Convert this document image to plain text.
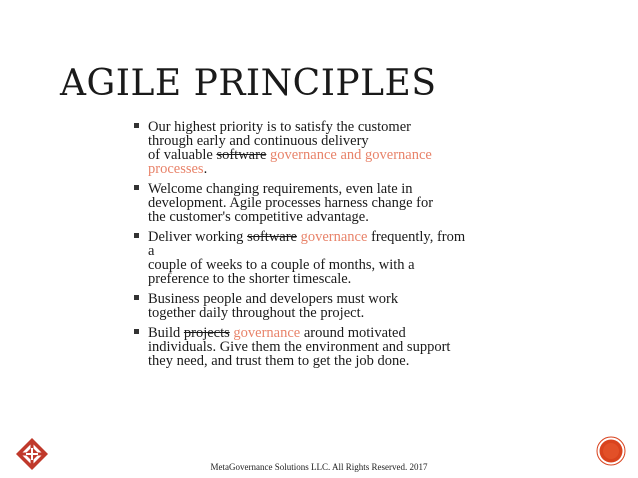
AGILE PRINCIPLES
Our highest priority is to satisfy the customer
through early and continuous delivery
of valuable software governance and governance
processes.
Welcome changing requirements, even late in
development. Agile processes harness change for
the customer's competitive advantage.
Deliver working software governance frequently, from
a
couple of weeks to a couple of months, with a
preference to the shorter timescale.
Business people and developers must work
together daily throughout the project.
Build projects governance around motivated
individuals. Give them the environment and support
they need, and trust them to get the job done.
MetaGovernance Solutions LLC. All Rights Reserved. 2017
